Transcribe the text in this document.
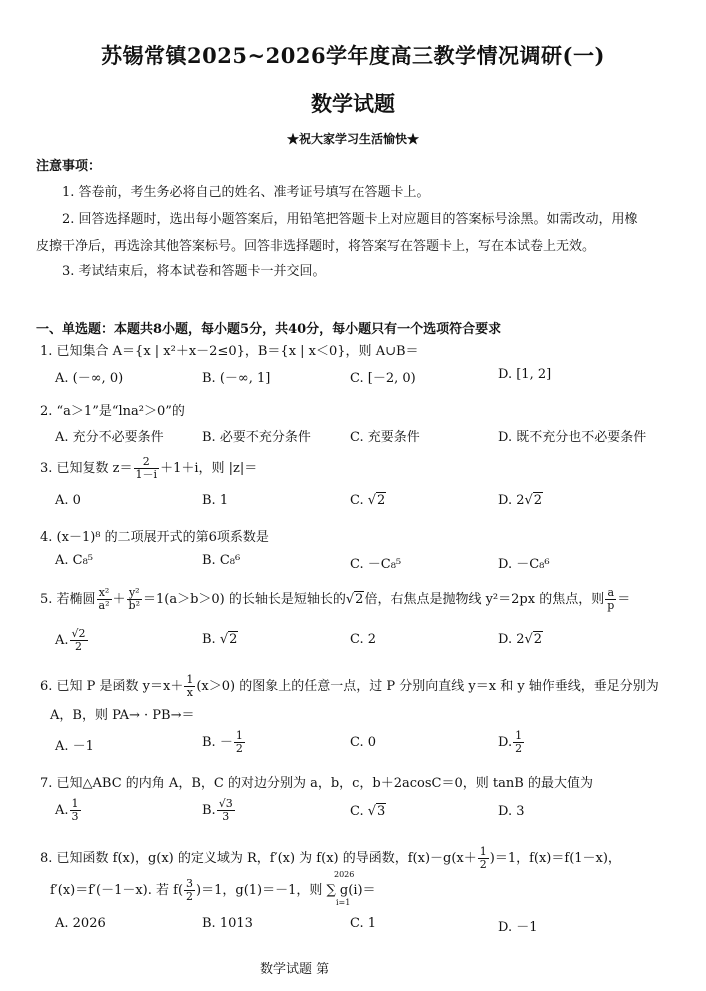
苏锡常镇2025~2026学年度高三教学情况调研(一)
数学试题
★祝大家学习生活愉快★
注意事项：
1. 答卷前，考生务必将自己的姓名、准考证号填写在答题卡上。
2. 回答选择题时，选出每小题答案后，用铅笔把答题卡上对应题目的答案标号涂黑。如需改动，用橡
皮擦干净后，再选涂其他答案标号。回答非选择题时，将答案写在答题卡上，写在本试卷上无效。
3. 考试结束后，将本试卷和答题卡一并交回。
一、单选题：本题共8小题，每小题5分，共40分，每小题只有一个选项符合要求
1. 已知集合 A＝{x | x²＋x－2≤0}，B＝{x | x＜0}，则 A∪B＝
A. (－∞, 0)	B. (－∞, 1]	C. [－2, 0)	D. [1, 2]
2. “a＞1”是“lna²＞0”的
A. 充分不必要条件	B. 必要不充分条件	C. 充要条件	D. 既不充分也不必要条件
3. 已知复数 $z= \frac{2}{1-i} +1+i$，则 |z|＝
A. 0	B. 1	C. √2	D. 2√2
4. (x－1)⁸ 的二项展开式的第6项系数是
A. C₈⁵	B. C₈⁶	C. －C₈⁵	D. －C₈⁶
5. 若椭圆 $\frac{\text{x²}}{\text{a²}} + \frac{\text{y²}}{\text{b²}} =1(a>b>0)$ 的长轴长是短轴长的√2倍，右焦点是抛物线 y²＝2px 的焦点，则 $\frac{a}{p}$ ＝
A. $\frac{√2}{2}$	B. √2	C. 2	D. 2√2
6. 已知 P 是函数 $y=x+ \frac{1}{x} (x>0)$ 的图象上的任意一点，过 P 分别向直线 y＝x 和 y 轴作垂线，垂足分别为
A，B，则 PA→ · PB→＝
A. －1	B. － $\frac{1}{2}$	C. 0	D. $\frac{1}{2}$
7. 已知△ABC 的内角 A，B，C 的对边分别为 a，b，c，b＋2acosC＝0，则 tanB 的最大值为
A. $\frac{1}{3}$	B. $\frac{√3}{3}$	C. √3	D. 3
8. 已知函数 f(x)，g(x) 的定义域为 R，f′(x) 为 f(x) 的导函数，$f(x)-g(x+ \frac{1}{2} )=1$，f(x)＝f(1－x)，
f′(x)＝f′(－1－x). 若 $f( \frac{3}{2} )=1$，g(1)＝－1，则 ∑ g(i)＝
2026
i=1
A. 2026	B. 1013	C. 1	D. －1
数学试题 第
